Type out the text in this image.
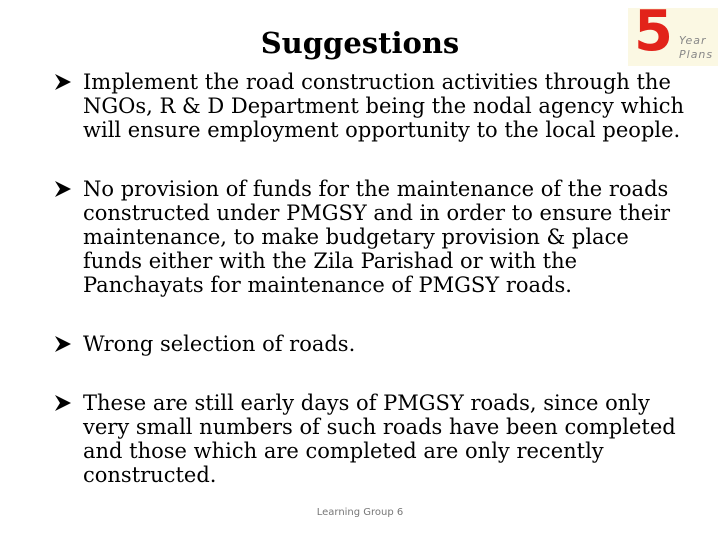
Suggestions	5 Year
Plans
Implement the road construction activities through the NGOs, R & D Department being the nodal agency which will ensure employment opportunity to the local people.
No provision of funds for the maintenance of the roads constructed under PMGSY and in order to ensure their maintenance, to make budgetary provision & place funds either with the Zila Parishad or with the Panchayats for maintenance of PMGSY roads.
Wrong selection of roads.
These are still early days of PMGSY roads, since only very small numbers of such roads have been completed and those which are completed are only recently constructed.
Learning Group 6
